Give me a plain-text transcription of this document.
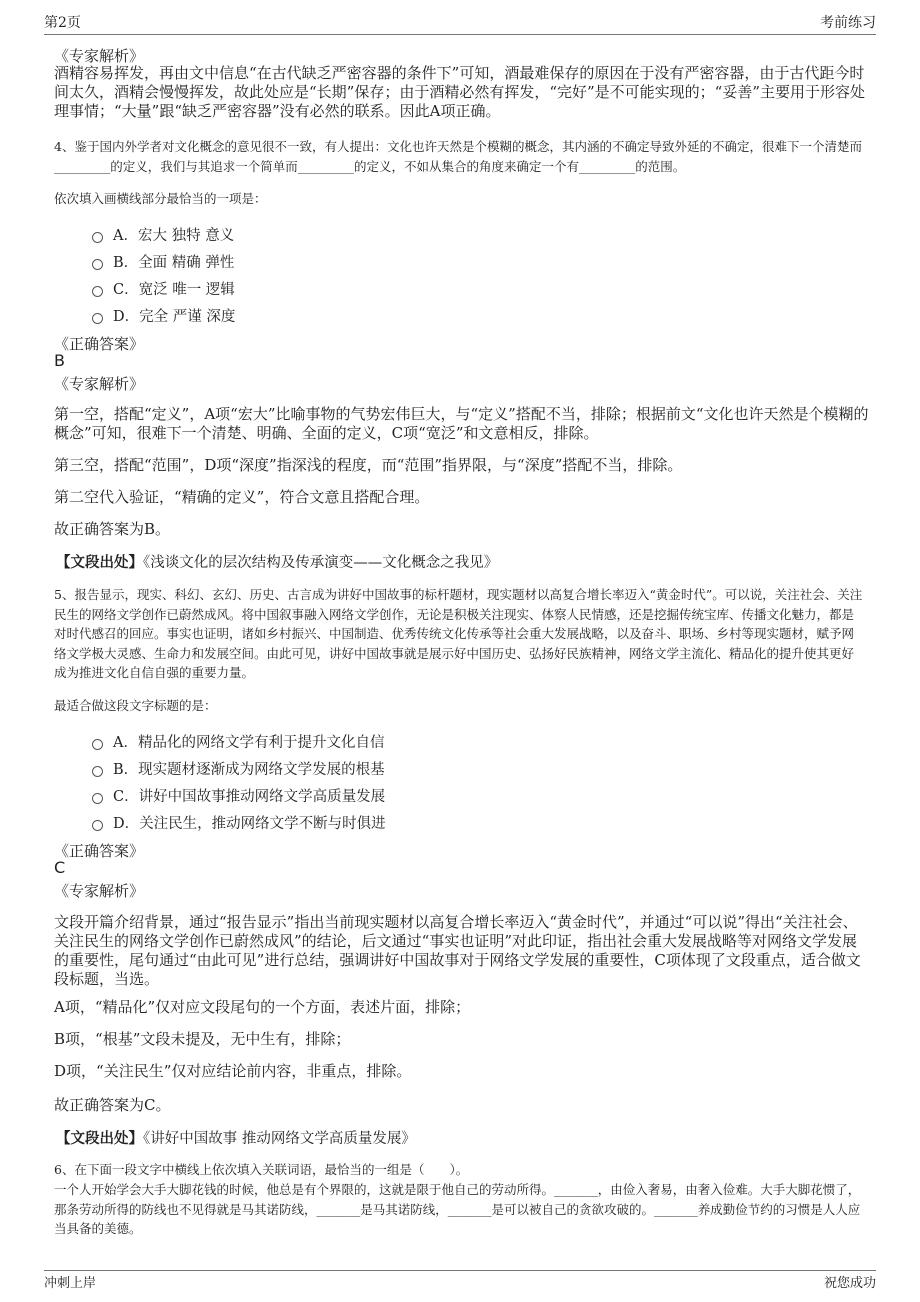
第2页	考前练习
《专家解析》
酒精容易挥发，再由文中信息“在古代缺乏严密容器的条件下”可知，酒最难保存的原因在于没有严密容器，由于古代距今时间太久，酒精会慢慢挥发，故此处应是“长期”保存；由于酒精必然有挥发，“完好”是不可能实现的；“妥善”主要用于形容处理事情；“大量”跟“缺乏严密容器”没有必然的联系。因此A项正确。
4、鉴于国内外学者对文化概念的意见很不一致，有人提出：文化也许天然是个模糊的概念，其内涵的不确定导致外延的不确定，很难下一个清楚而_________的定义，我们与其追求一个简单而_________的定义，不如从集合的角度来确定一个有_________的范围。
依次填入画横线部分最恰当的一项是：
A．宏大 独特 意义
B．全面 精确 弹性
C．宽泛 唯一 逻辑
D．完全 严谨 深度
《正确答案》
B
《专家解析》
第一空，搭配“定义”，A项“宏大”比喻事物的气势宏伟巨大，与“定义”搭配不当，排除；根据前文“文化也许天然是个模糊的概念”可知，很难下一个清楚、明确、全面的定义，C项“宽泛”和文意相反，排除。
第三空，搭配“范围”，D项“深度”指深浅的程度，而“范围”指界限，与“深度”搭配不当，排除。
第二空代入验证，“精确的定义”，符合文意且搭配合理。
故正确答案为B。
【文段出处】《浅谈文化的层次结构及传承演变——文化概念之我见》
5、报告显示，现实、科幻、玄幻、历史、古言成为讲好中国故事的标杆题材，现实题材以高复合增长率迈入“黄金时代”。可以说，关注社会、关注民生的网络文学创作已蔚然成风。将中国叙事融入网络文学创作，无论是积极关注现实、体察人民情感，还是挖掘传统宝库、传播文化魅力，都是对时代感召的回应。事实也证明，诸如乡村振兴、中国制造、优秀传统文化传承等社会重大发展战略，以及奋斗、职场、乡村等现实题材，赋予网络文学极大灵感、生命力和发展空间。由此可见，讲好中国故事就是展示好中国历史、弘扬好民族精神，网络文学主流化、精品化的提升使其更好成为推进文化自信自强的重要力量。
最适合做这段文字标题的是：
A．精品化的网络文学有利于提升文化自信
B．现实题材逐渐成为网络文学发展的根基
C．讲好中国故事推动网络文学高质量发展
D．关注民生，推动网络文学不断与时俱进
《正确答案》
C
《专家解析》
文段开篇介绍背景，通过“报告显示”指出当前现实题材以高复合增长率迈入“黄金时代”，并通过“可以说”得出“关注社会、关注民生的网络文学创作已蔚然成风”的结论，后文通过“事实也证明”对此印证，指出社会重大发展战略等对网络文学发展的重要性，尾句通过“由此可见”进行总结，强调讲好中国故事对于网络文学发展的重要性，C项体现了文段重点，适合做文段标题，当选。
A项，“精品化”仅对应文段尾句的一个方面，表述片面，排除；
B项，“根基”文段未提及，无中生有，排除；
D项，“关注民生”仅对应结论前内容，非重点，排除。
故正确答案为C。
【文段出处】《讲好中国故事 推动网络文学高质量发展》
6、在下面一段文字中横线上依次填入关联词语，最恰当的一组是（　　）。
一个人开始学会大手大脚花钱的时候，他总是有个界限的，这就是限于他自己的劳动所得。_______，由俭入奢易，由奢入俭难。大手大脚花惯了，那条劳动所得的防线也不见得就是马其诺防线，_______是马其诺防线，_______是可以被自己的贪欲攻破的。_______养成勤俭节约的习惯是人人应当具备的美德。
冲刺上岸	祝您成功
